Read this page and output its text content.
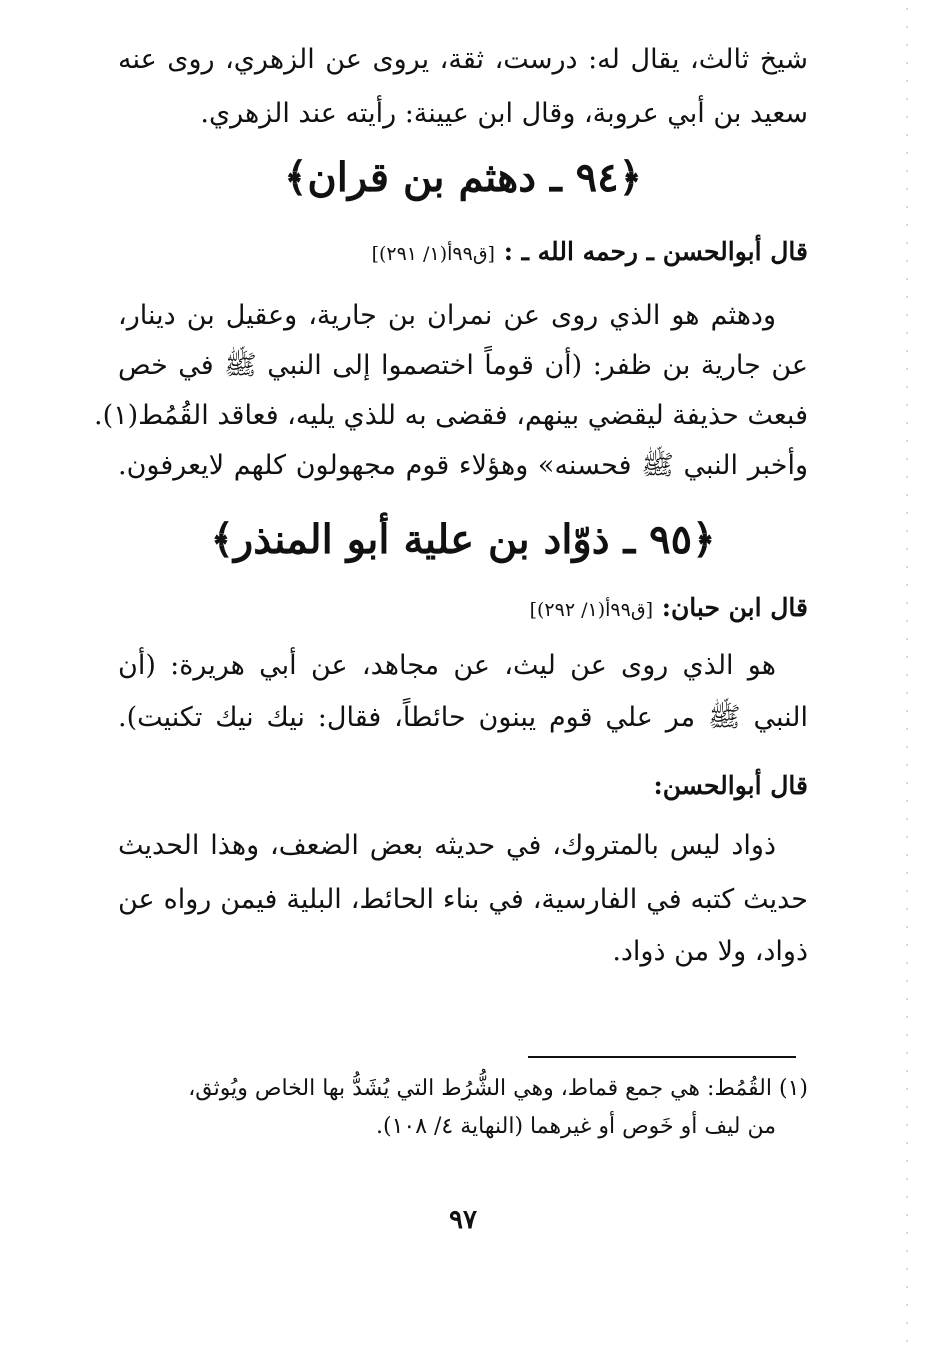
شيخ ثالث، يقال له: درست، ثقة، يروى عن الزهري، روى عنه
سعيد بن أبي عروبة، وقال ابن عيينة: رأيته عند الزهري.
﴿٩٤ ـ دهثم بن قران﴾
قال أبوالحسن ـ رحمه الله ـ : [ق٩٩أ(١/ ٢٩١)]
ودهثم هو الذي روى عن نمران بن جارية، وعقيل بن دينار،
عن جارية بن ظفر: (أن قوماً اختصموا إلى النبي ﷺ في خص
فبعث حذيفة ليقضي بينهم، فقضى به للذي يليه، فعاقد القُمُط(١).
وأخبر النبي ﷺ فحسنه» وهؤلاء قوم مجهولون كلهم لايعرفون.
﴿٩٥ ـ ذوّاد بن علية أبو المنذر﴾
قال ابن حبان: [ق٩٩أ(١/ ٢٩٢)]
هو الذي روى عن ليث، عن مجاهد، عن أبي هريرة: (أن
النبي ﷺ مر علي قوم يبنون حائطاً، فقال: نيك نيك تكنيت).
قال أبوالحسن:
ذواد ليس بالمتروك، في حديثه بعض الضعف، وهذا الحديث
حديث كتبه في الفارسية، في بناء الحائط، البلية فيمن رواه عن
ذواد، ولا من ذواد.
(١) القُمُط: هي جمع قماط، وهي الشُّرُط التي يُشَدُّ بها الخاص ويُوثق،
من ليف أو خَوص أو غيرهما (النهاية ٤/ ١٠٨).
٩٧
